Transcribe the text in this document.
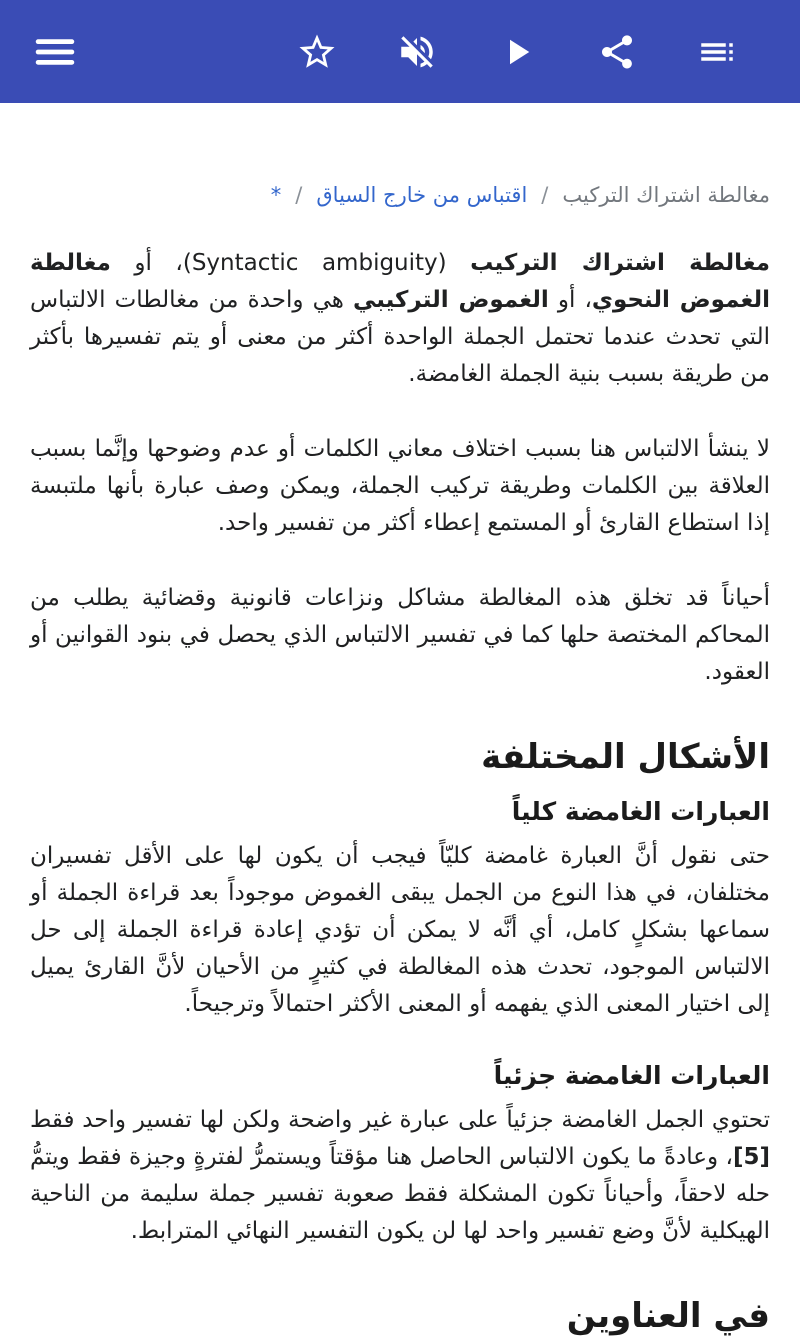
مغالطة اشتراك التركيب
/
اقتباس من خارج السياق
/
*

مغالطة اشتراك التركيب (Syntactic ambiguity)، أو مغالطة الغموض النحوي، أو الغموض التركيبي هي واحدة من مغالطات الالتباس التي تحدث عندما تحتمل الجملة الواحدة أكثر من معنى أو يتم تفسيرها بأكثر من طريقة بسبب بنية الجملة الغامضة.

لا ينشأ الالتباس هنا بسبب اختلاف معاني الكلمات أو عدم وضوحها وإنَّما بسبب العلاقة بين الكلمات وطريقة تركيب الجملة، ويمكن وصف عبارة بأنها ملتبسة إذا استطاع القارئ أو المستمع إعطاء أكثر من تفسير واحد.

أحياناً قد تخلق هذه المغالطة مشاكل ونزاعات قانونية وقضائية يطلب من المحاكم المختصة حلها كما في تفسير الالتباس الذي يحصل في بنود القوانين أو العقود.

الأشكال المختلفة
العبارات الغامضة كلياً

حتى نقول أنَّ العبارة غامضة كليّاً فيجب أن يكون لها على الأقل تفسيران مختلفان، في هذا النوع من الجمل يبقى الغموض موجوداً بعد قراءة الجملة أو سماعها بشكلٍ كامل، أي أنَّه لا يمكن أن تؤدي إعادة قراءة الجملة إلى حل الالتباس الموجود، تحدث هذه المغالطة في كثيرٍ من الأحيان لأنَّ القارئ يميل إلى اختيار المعنى الذي يفهمه أو المعنى الأكثر احتمالاً وترجيحاً.

العبارات الغامضة جزئياً

تحتوي الجمل الغامضة جزئياً على عبارة غير واضحة ولكن لها تفسير واحد فقط [5]، وعادةً ما يكون الالتباس الحاصل هنا مؤقتاً ويستمرُّ لفترةٍ وجيزة فقط ويتمُّ حله لاحقاً، وأحياناً تكون المشكلة فقط صعوبة تفسير جملة سليمة من الناحية الهيكلية لأنَّ وضع تفسير واحد لها لن يكون التفسير النهائي المترابط.

في العناوين
